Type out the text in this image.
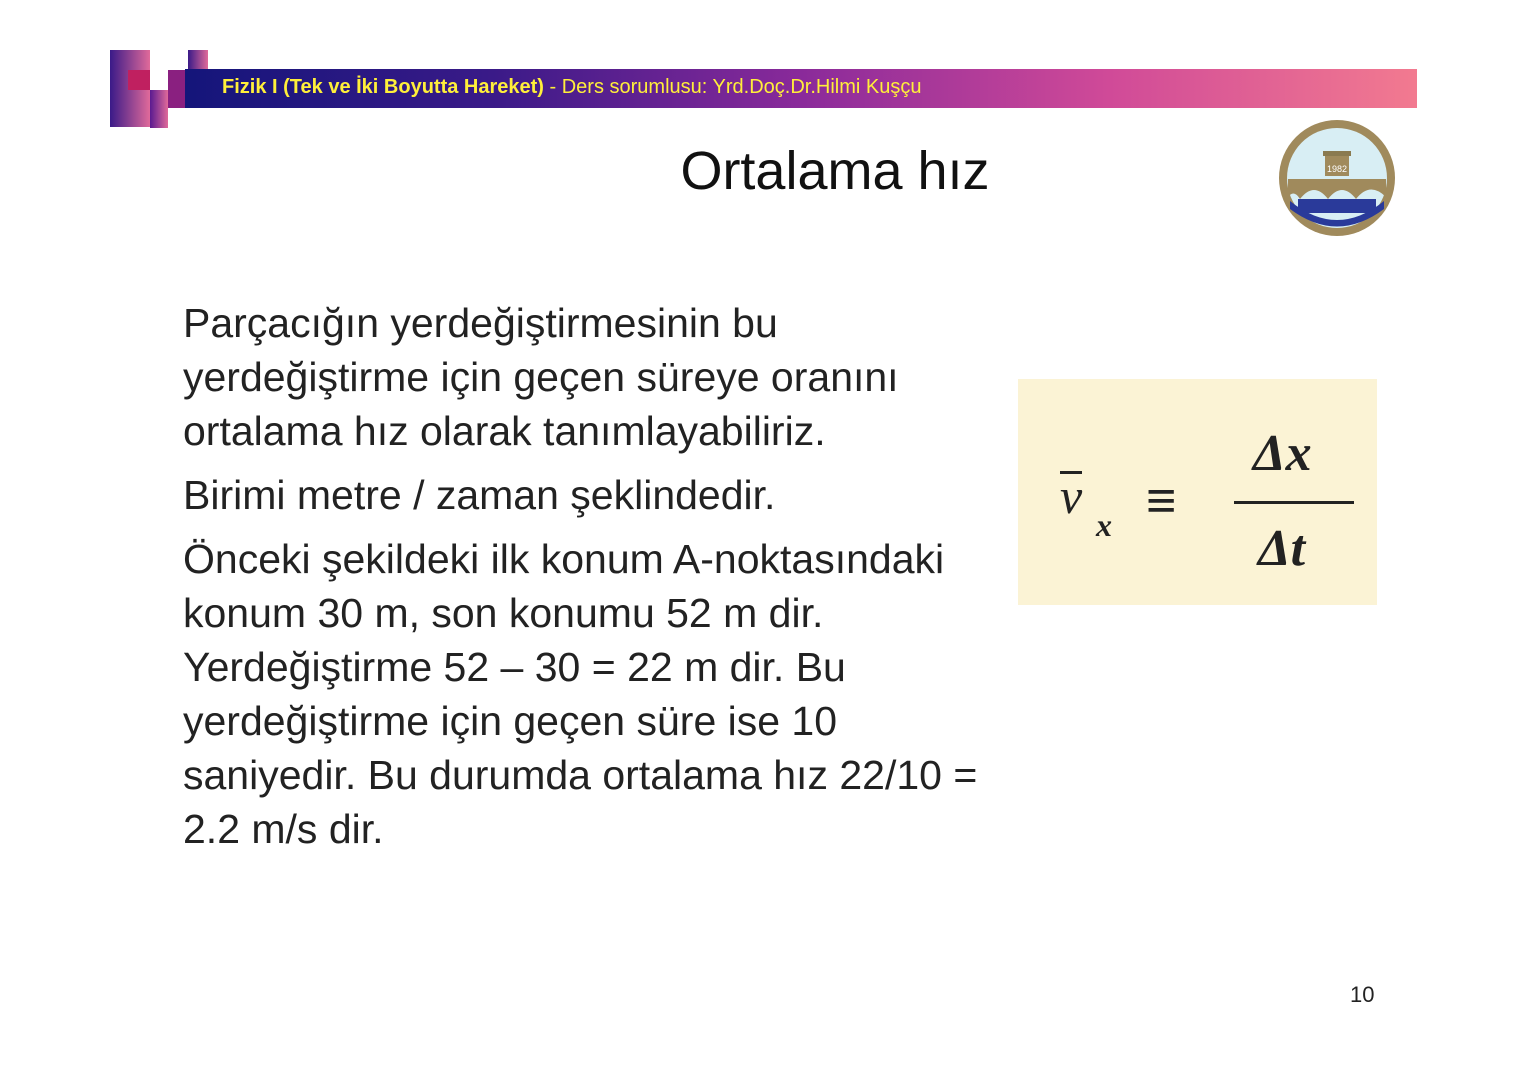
Fizik I (Tek ve İki Boyutta Hareket) - Ders sorumlusu: Yrd.Doç.Dr.Hilmi Kuşçu
Ortalama hız	1982

Parçacığın yerdeğiştirmesinin bu yerdeğiştirme için geçen süreye oranını ortalama hız olarak tanımlayabiliriz.

Birimi metre / zaman şeklindedir.

Önceki şekildeki ilk konum A-noktasındaki konum 30 m, son konumu 52 m dir. Yerdeğiştirme 52 – 30 = 22 m dir. Bu yerdeğiştirme için geçen süre ise 10 saniyedir. Bu durumda ortalama hız 22/10 = 2.2 m/s dir.

v
x ≡
Δx
Δt
10
